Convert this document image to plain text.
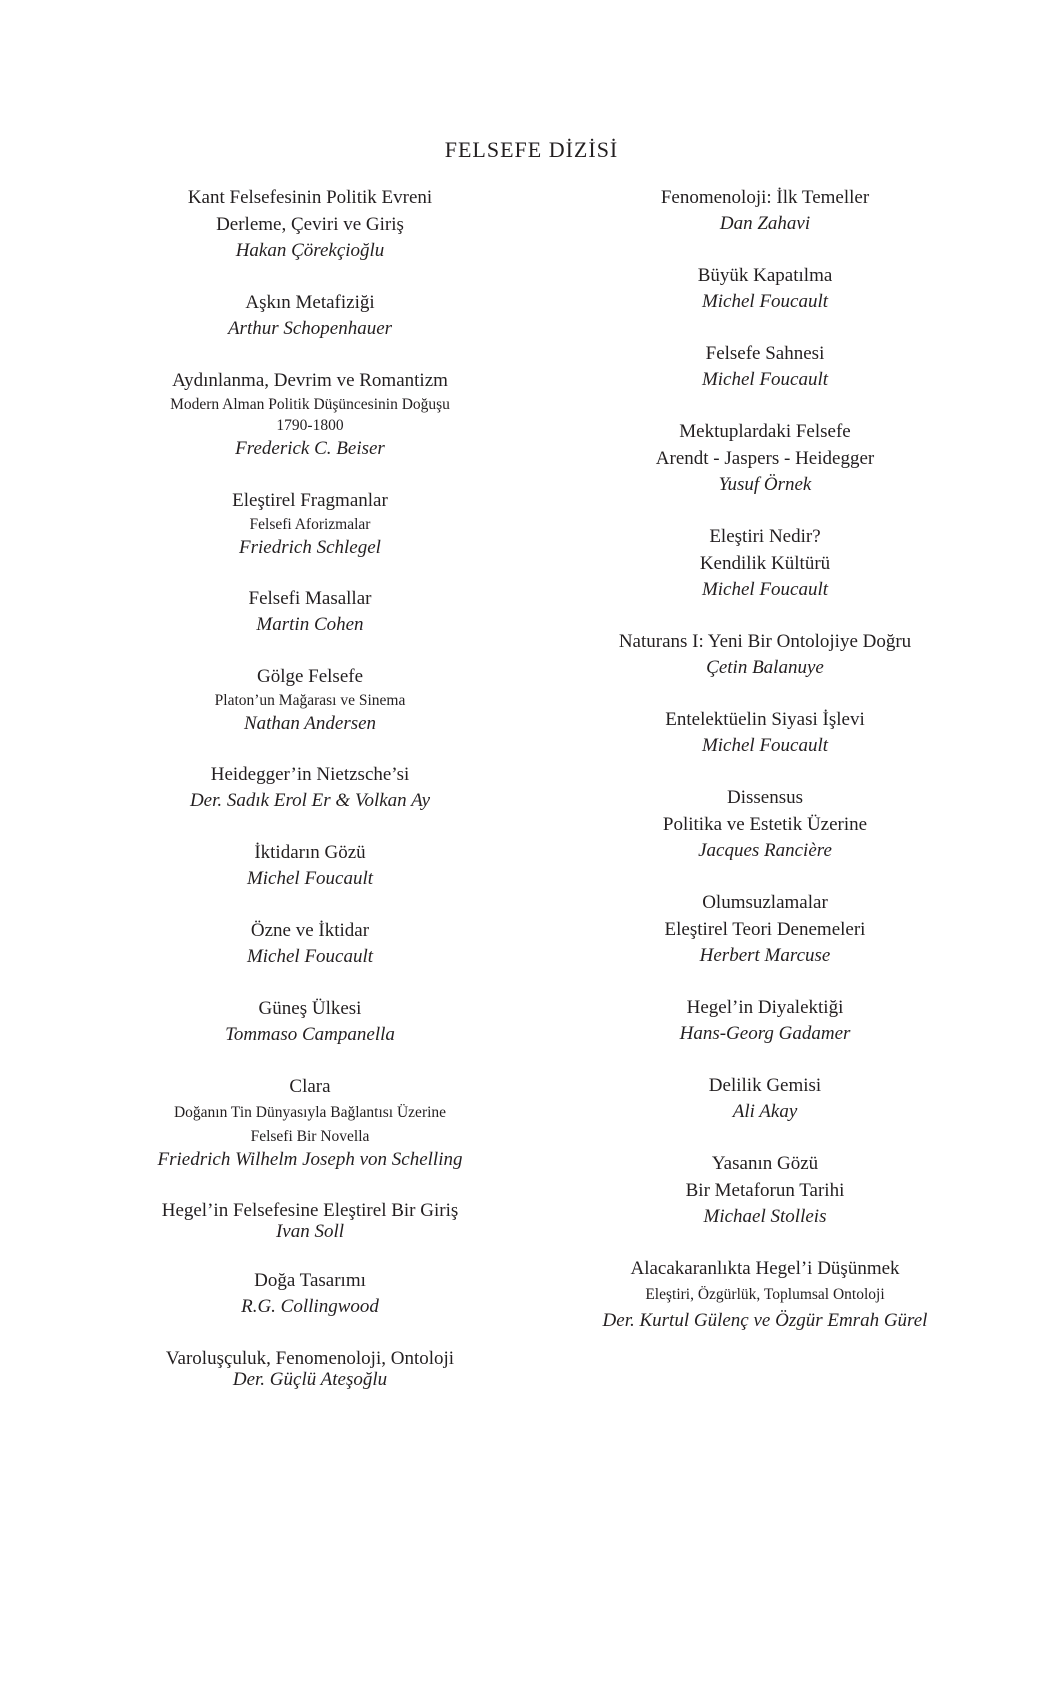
FELSEFE DİZİSİ
Kant Felsefesinin Politik Evreni
Derleme, Çeviri ve Giriş
Hakan Çörekçioğlu
Aşkın Metafiziği
Arthur Schopenhauer
Aydınlanma, Devrim ve Romantizm
Modern Alman Politik Düşüncesinin Doğuşu
1790-1800
Frederick C. Beiser
Eleştirel Fragmanlar
Felsefi Aforizmalar
Friedrich Schlegel
Felsefi Masallar
Martin Cohen
Gölge Felsefe
Platon’un Mağarası ve Sinema
Nathan Andersen
Heidegger’in Nietzsche’si
Der. Sadık Erol Er & Volkan Ay
İktidarın Gözü
Michel Foucault
Özne ve İktidar
Michel Foucault
Güneş Ülkesi
Tommaso Campanella
Clara
Doğanın Tin Dünyasıyla Bağlantısı Üzerine
Felsefi Bir Novella
Friedrich Wilhelm Joseph von Schelling
Hegel’in Felsefesine Eleştirel Bir Giriş
Ivan Soll
Doğa Tasarımı
R.G. Collingwood
Varoluşçuluk, Fenomenoloji, Ontoloji
Der. Güçlü Ateşoğlu
Fenomenoloji: İlk Temeller
Dan Zahavi
Büyük Kapatılma
Michel Foucault
Felsefe Sahnesi
Michel Foucault
Mektuplardaki Felsefe
Arendt - Jaspers - Heidegger
Yusuf Örnek
Eleştiri Nedir?
Kendilik Kültürü
Michel Foucault
Naturans I: Yeni Bir Ontolojiye Doğru
Çetin Balanuye
Entelektüelin Siyasi İşlevi
Michel Foucault
Dissensus
Politika ve Estetik Üzerine
Jacques Rancière
Olumsuzlamalar
Eleştirel Teori Denemeleri
Herbert Marcuse
Hegel’in Diyalektiği
Hans-Georg Gadamer
Delilik Gemisi
Ali Akay
Yasanın Gözü
Bir Metaforun Tarihi
Michael Stolleis
Alacakaranlıkta Hegel’i Düşünmek
Eleştiri, Özgürlük, Toplumsal Ontoloji
Der. Kurtul Gülenç ve Özgür Emrah Gürel
